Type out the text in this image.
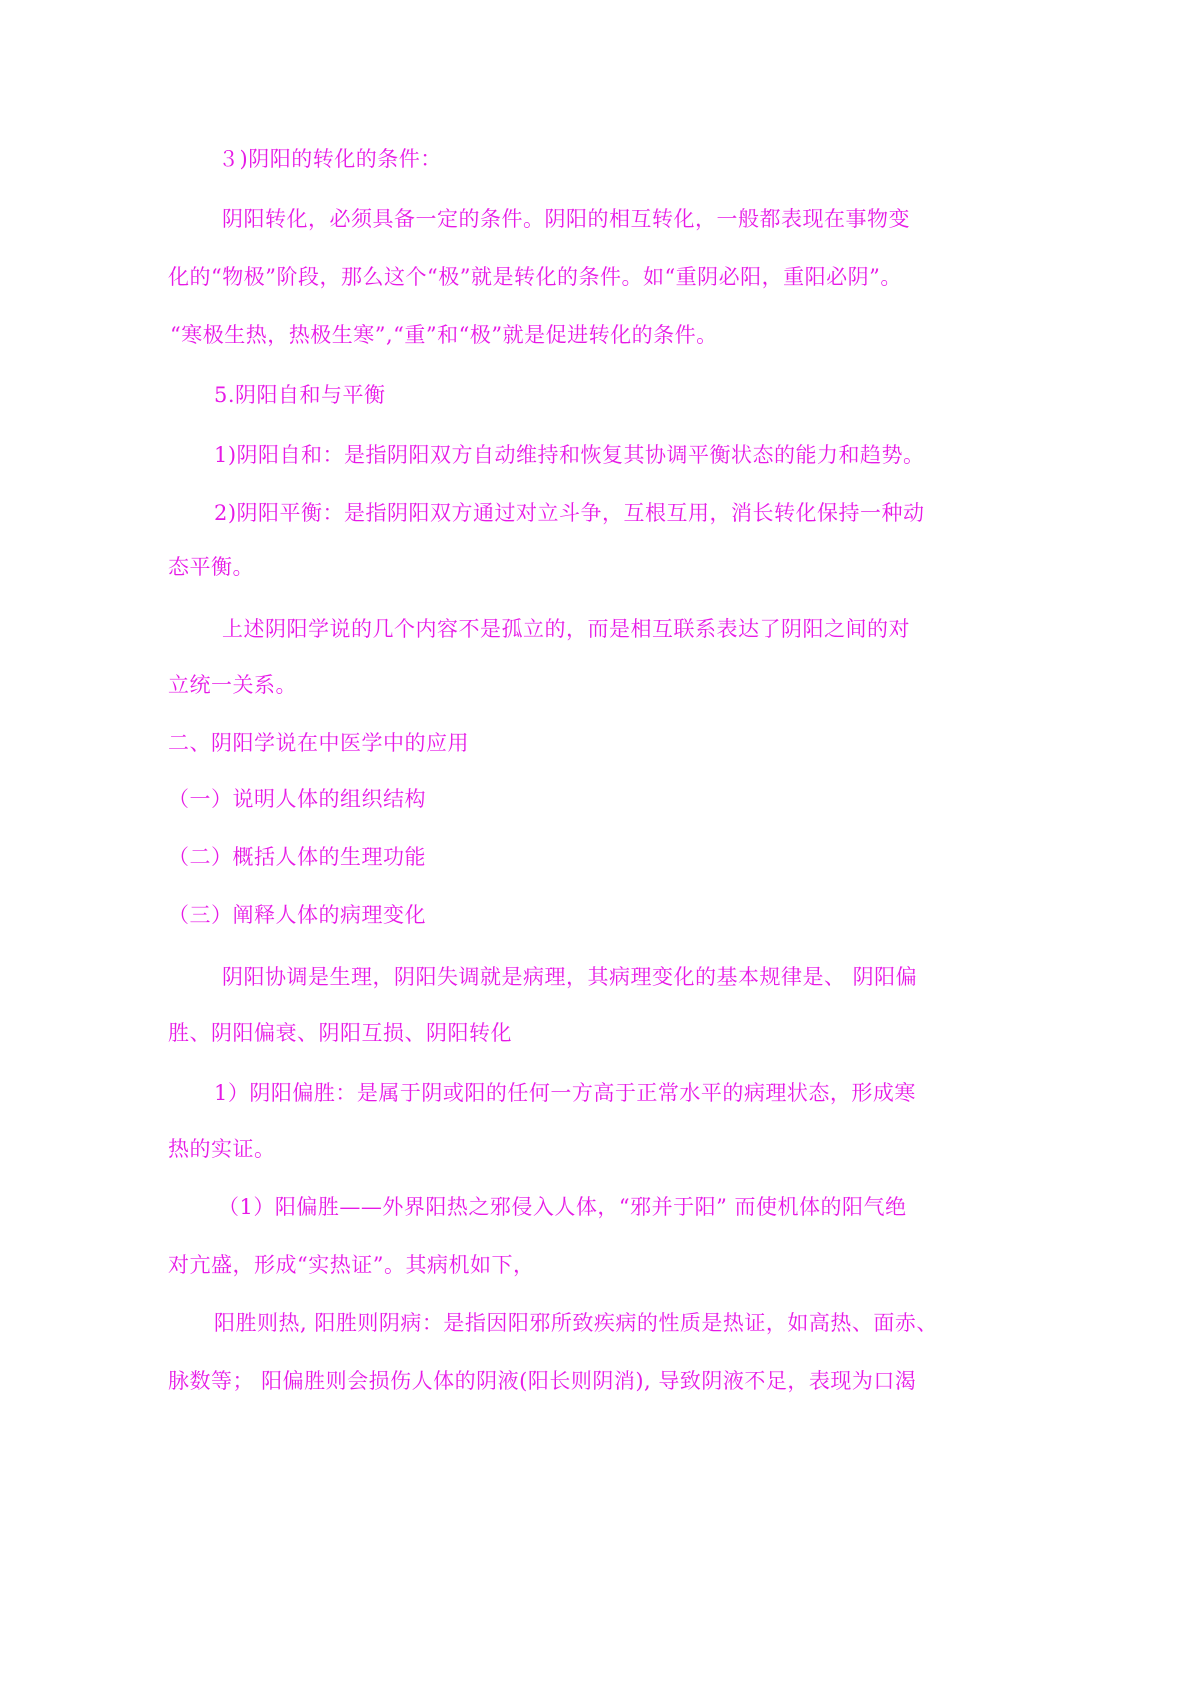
３)阴阳的转化的条件：
阴阳转化，必须具备一定的条件。阴阳的相互转化，一般都表现在事物变
化的“物极”阶段，那么这个“极”就是转化的条件。如“重阴必阳，重阳必阴”。
“寒极生热，热极生寒”,“重”和“极”就是促进转化的条件。
5.阴阳自和与平衡
1)阴阳自和：是指阴阳双方自动维持和恢复其协调平衡状态的能力和趋势。
2)阴阳平衡：是指阴阳双方通过对立斗争，互根互用，消长转化保持一种动
态平衡。
上述阴阳学说的几个内容不是孤立的，而是相互联系表达了阴阳之间的对
立统一关系。
二、阴阳学说在中医学中的应用
（一）说明人体的组织结构
（二）概括人体的生理功能
（三）阐释人体的病理变化
阴阳协调是生理，阴阳失调就是病理，其病理变化的基本规律是、 阴阳偏
胜、阴阳偏衰、阴阳互损、阴阳转化
1）阴阳偏胜：是属于阴或阳的任何一方高于正常水平的病理状态，形成寒
热的实证。
（1）阳偏胜——外界阳热之邪侵入人体，“邪并于阳” 而使机体的阳气绝
对亢盛，形成“实热证”。其病机如下，
阳胜则热, 阳胜则阴病：是指因阳邪所致疾病的性质是热证，如高热、面赤、
脉数等； 阳偏胜则会损伤人体的阴液(阳长则阴消), 导致阴液不足，表现为口渴
